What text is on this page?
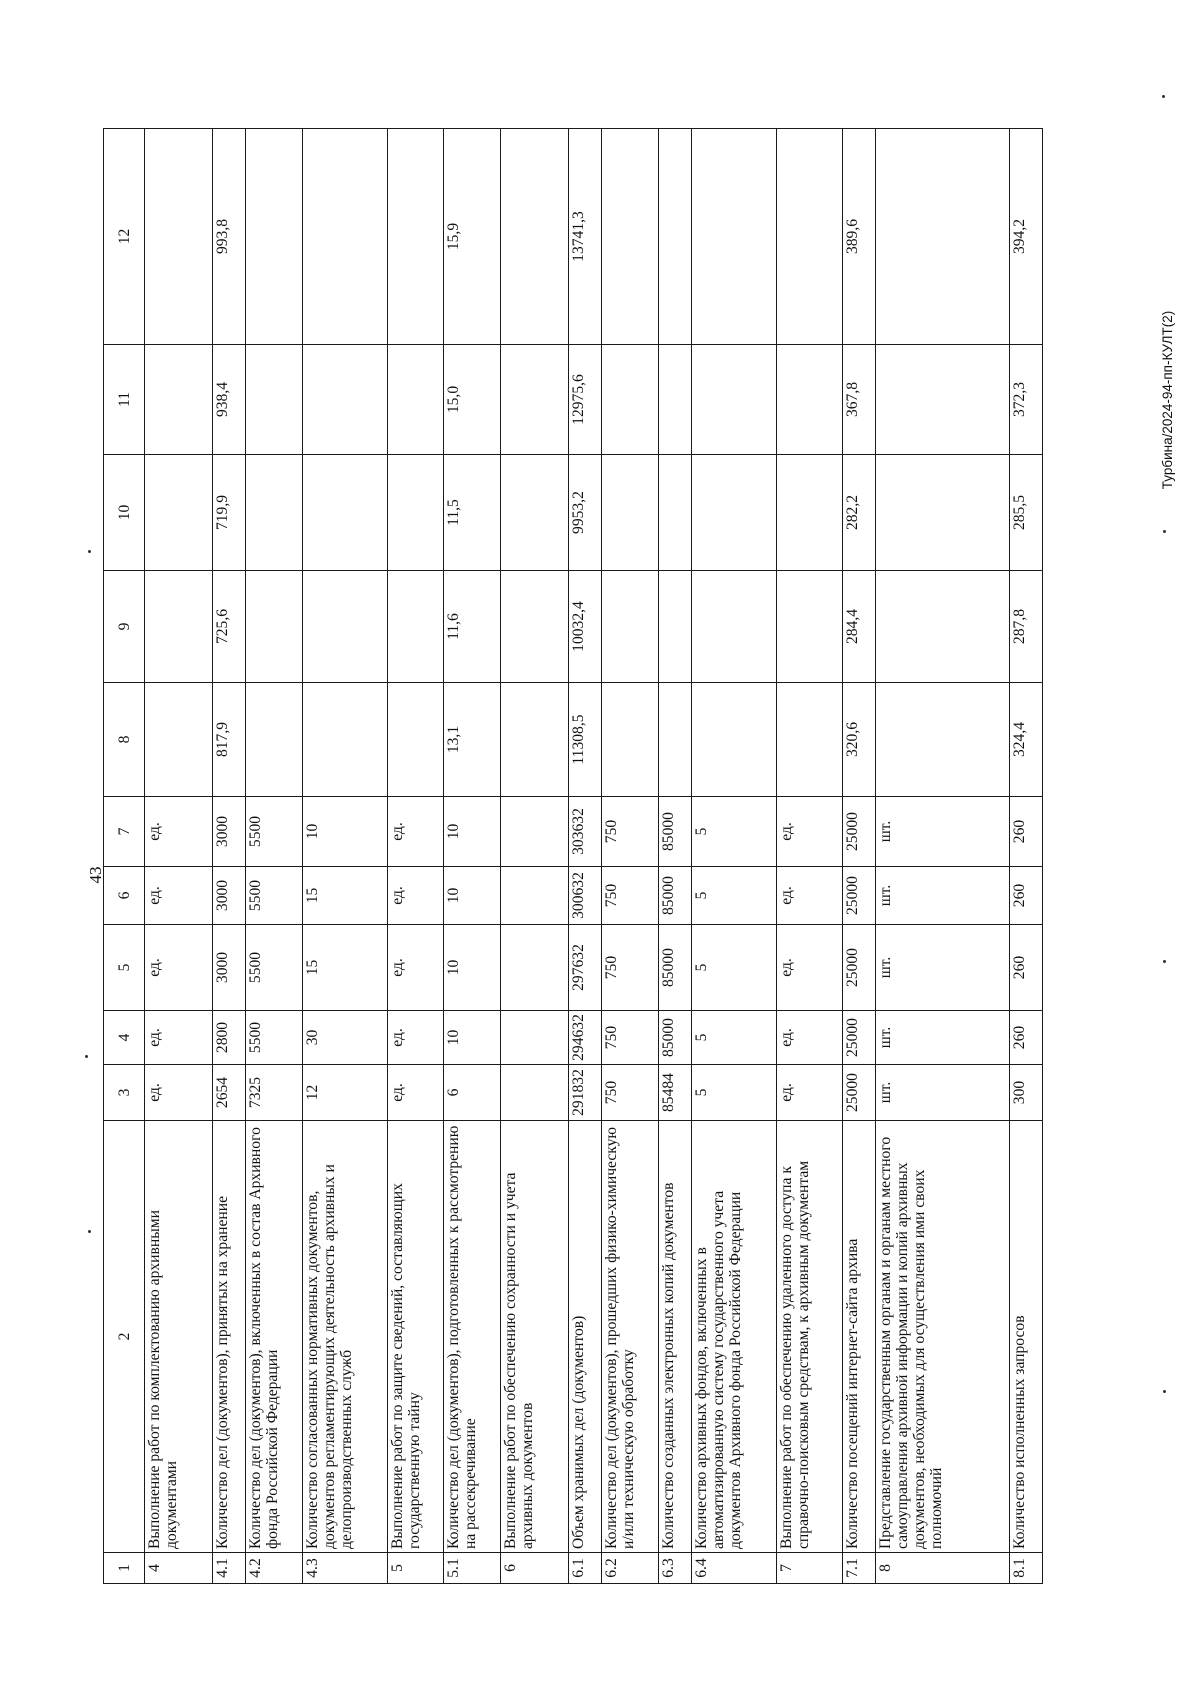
43
1	2	3	4	5	6	7	8	9	10	11	12
4	Выполнение работ по комплектованию архивными документами	ед.	ед.	ед.	ед.	ед.					
4.1	Количество дел (документов), принятых на хранение	2654	2800	3000	3000	3000	817,9	725,6	719,9	938,4	993,8
4.2	Количество дел (документов), включенных в состав Архивного фонда Российской Федерации	7325	5500	5500	5500	5500					
4.3	Количество согласованных нормативных документов, документов регламентирующих деятельность архивных и делопроизводственных служб	12	30	15	15	10					
5	Выполнение работ по защите сведений, составляющих государственную тайну	ед.	ед.	ед.	ед.	ед.					
5.1	Количество дел (документов), подготовленных к рассмотрению на рассекречивание	6	10	10	10	10	13,1	11,6	11,5	15,0	15,9
6	Выполнение работ по обеспечению сохранности и учета архивных документов										
6.1	Объем хранимых дел (документов)	291832	294632	297632	300632	303632	11308,5	10032,4	9953,2	12975,6	13741,3
6.2	Количество дел (документов), прошедших физико-химическую и/или техническую обработку	750	750	750	750	750					
6.3	Количество созданных электронных копий документов	85484	85000	85000	85000	85000					
6.4	Количество архивных фондов, включенных в автоматизированную систему государственного учета документов Архивного фонда Российской Федерации	5	5	5	5	5					
7	Выполнение работ по обеспечению удаленного доступа к справочно-поисковым средствам, к архивным документам	ед.	ед.	ед.	ед.	ед.					
7.1	Количество посещений интернет-сайта архива	25000	25000	25000	25000	25000	320,6	284,4	282,2	367,8	389,6
8	Представление государственным органам и органам местного самоуправления архивной информации и копий архивных документов, необходимых для осуществления ими своих полномочий	шт.	шт.	шт.	шт.	шт.					
8.1	Количество исполненных запросов	300	260	260	260	260	324,4	287,8	285,5	372,3	394,2
Турбина/2024-94-пп-КУЛТ(2)
